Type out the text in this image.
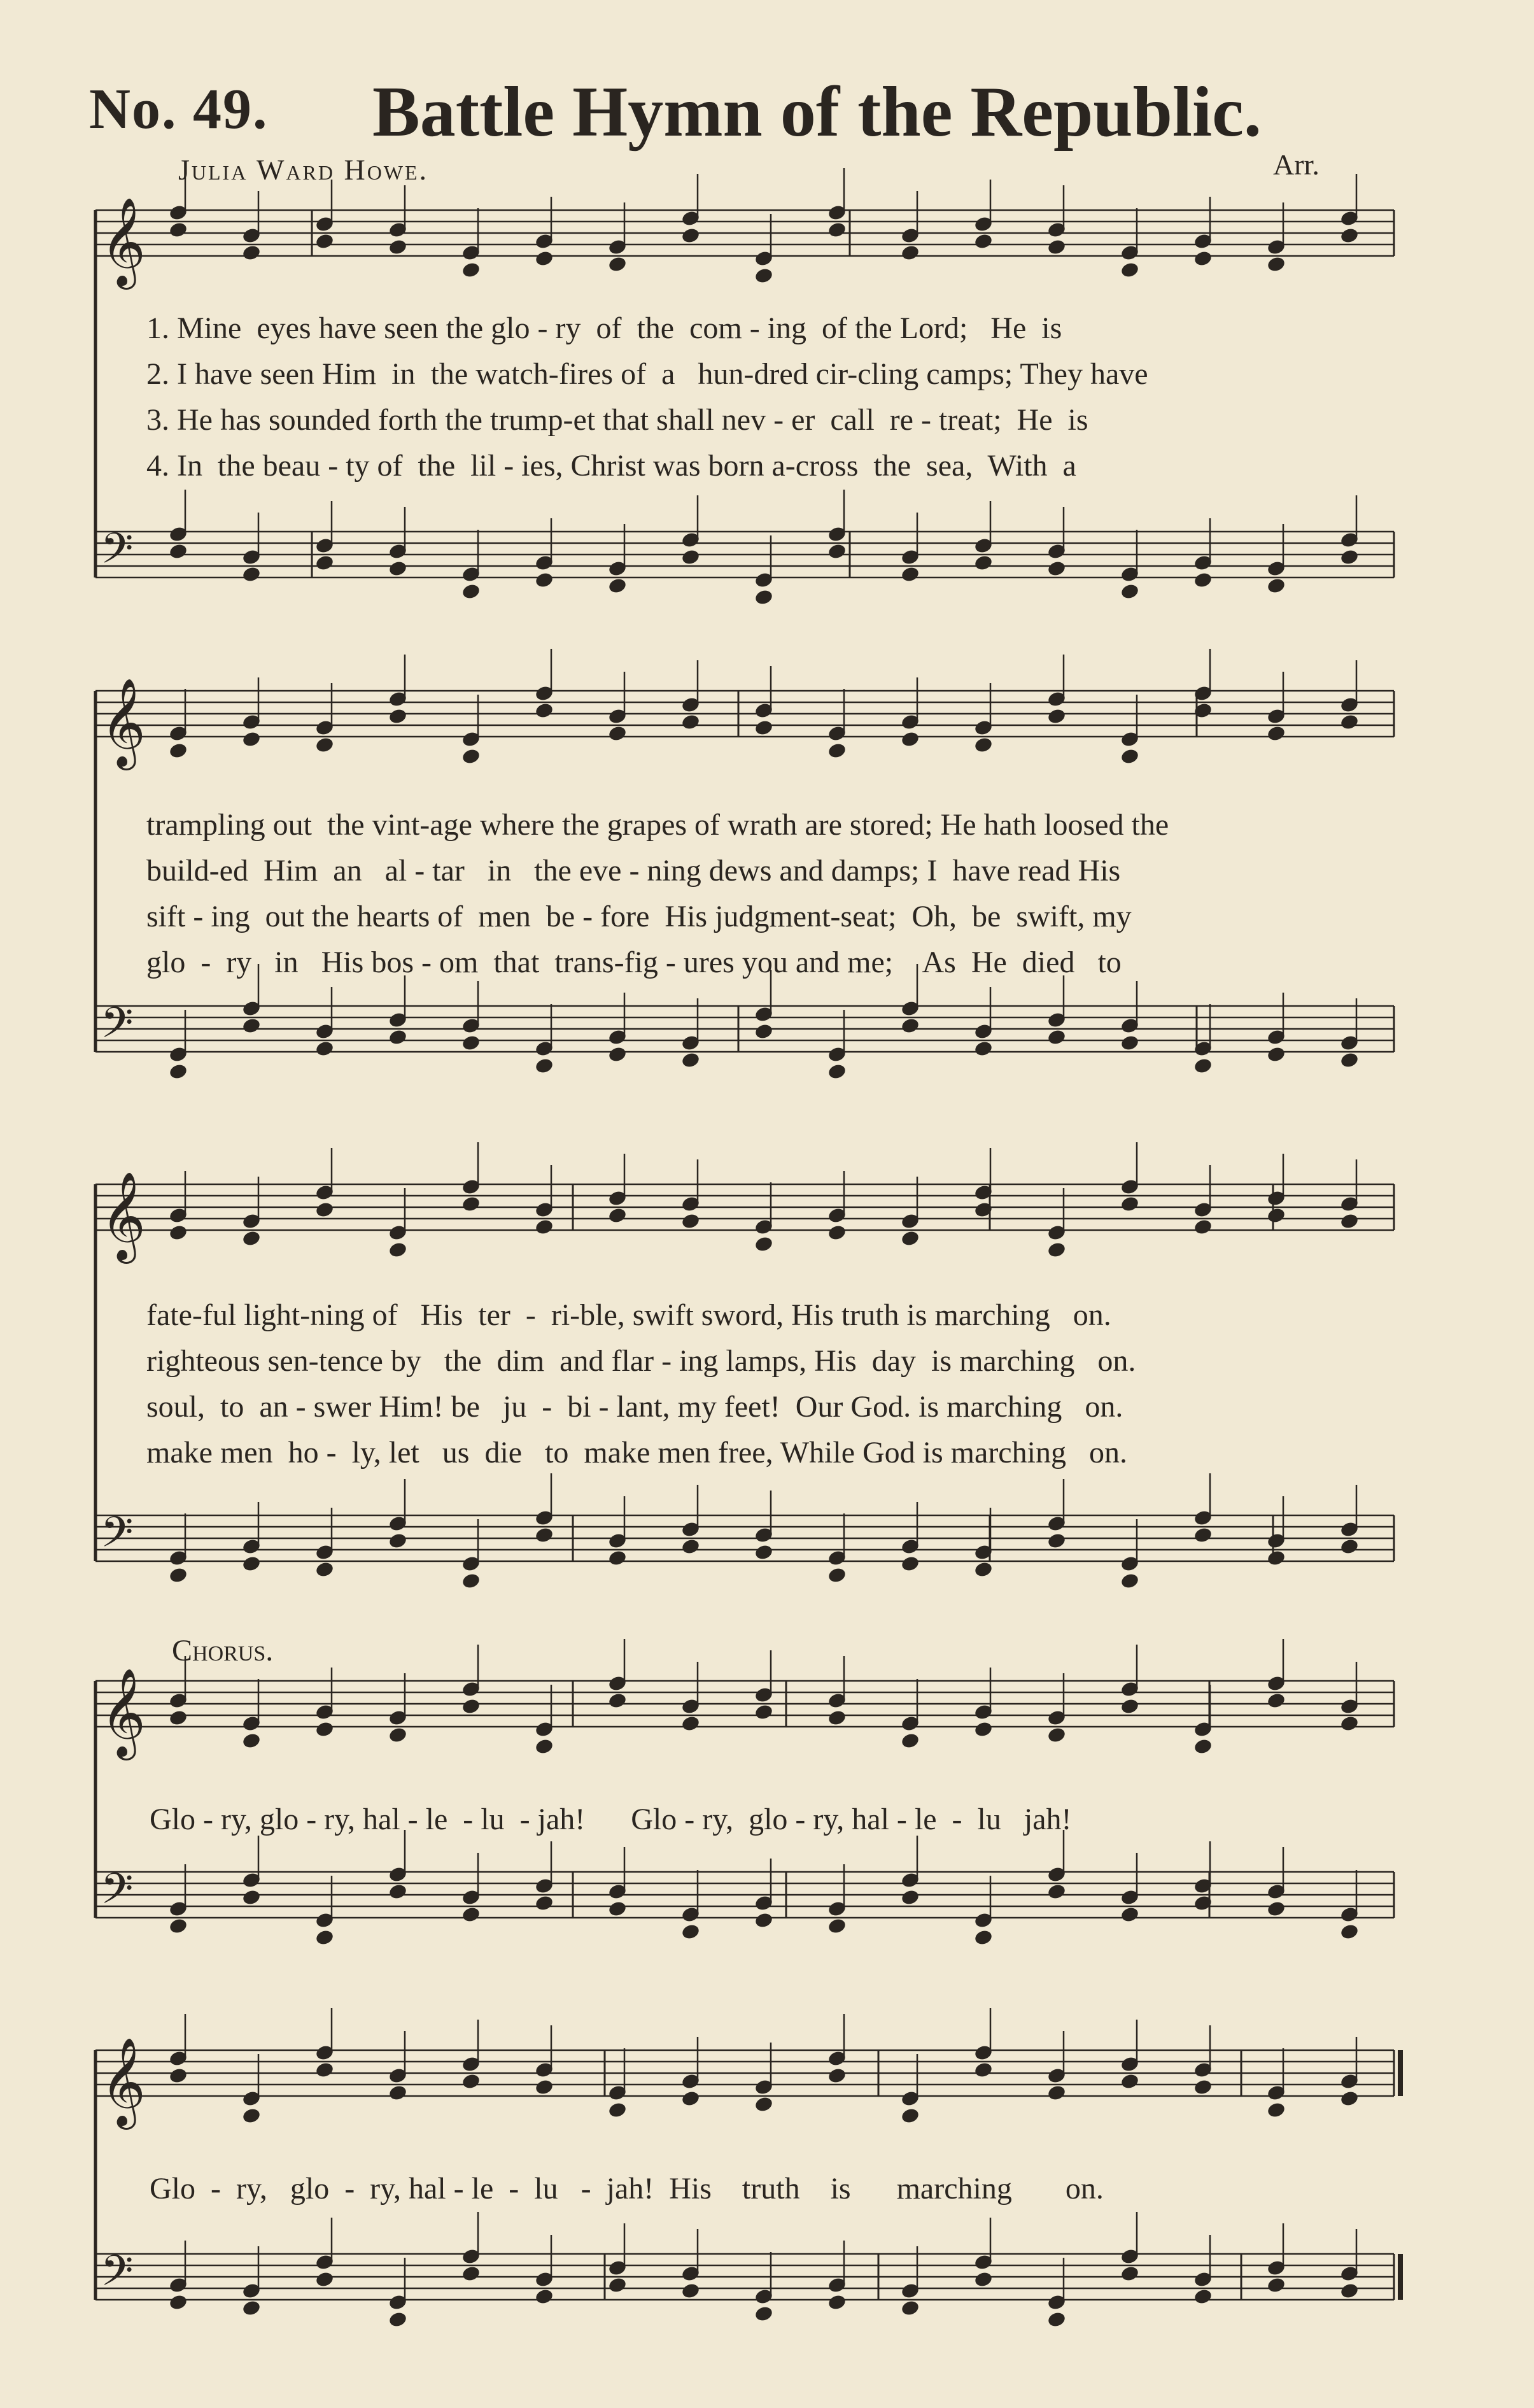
𝄞
𝄢
𝄞
𝄢
𝄞
𝄢
𝄞
𝄢
𝄞
𝄢
No. 49. Battle Hymn of the Republic.
Julia Ward Howe.	Arr.
1. Mine  eyes have seen the glo - ry  of  the  com - ing  of the Lord;   He  is
2. I have seen Him  in  the watch-fires of  a   hun-dred cir-cling camps; They have
3. He has sounded forth the trump-et that shall nev - er  call  re - treat;  He  is
4. In  the beau - ty of  the  lil - ies, Christ was born a-cross  the  sea,  With  a
trampling out  the vint-age where the grapes of wrath are stored; He hath loosed the
build-ed  Him  an   al - tar   in   the eve - ning dews and damps; I  have read His
sift - ing  out the hearts of  men  be - fore  His judgment-seat;  Oh,  be  swift, my
glo  -  ry   in   His bos - om  that  trans-fig - ures you and me;    As  He  died   to
fate-ful light-ning of   His  ter  -  ri-ble, swift sword, His truth is marching   on.
righteous sen-tence by   the  dim  and flar - ing lamps, His  day  is marching   on.
soul,  to  an - swer Him! be   ju  -  bi - lant, my feet!  Our God. is marching   on.
make men  ho -  ly, let   us  die   to  make men free, While God is marching   on.
Chorus.
Glo - ry, glo - ry, hal - le  - lu  - jah!      Glo - ry,  glo - ry, hal - le  -  lu   jah!
Glo  -  ry,   glo  -  ry, hal - le  -  lu   -  jah!  His    truth    is      marching       on.
